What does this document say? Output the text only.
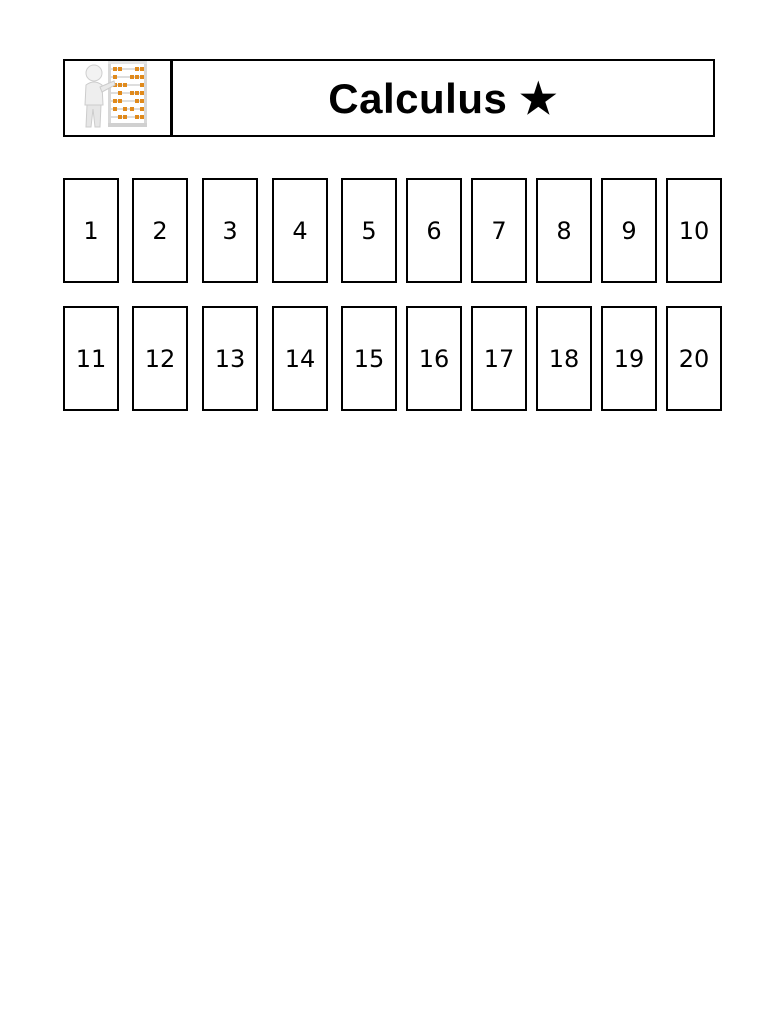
Calculus ★
1	2	3	4	5	6	7	8	9	10
11	12	13	14	15	16	17	18	19	20
